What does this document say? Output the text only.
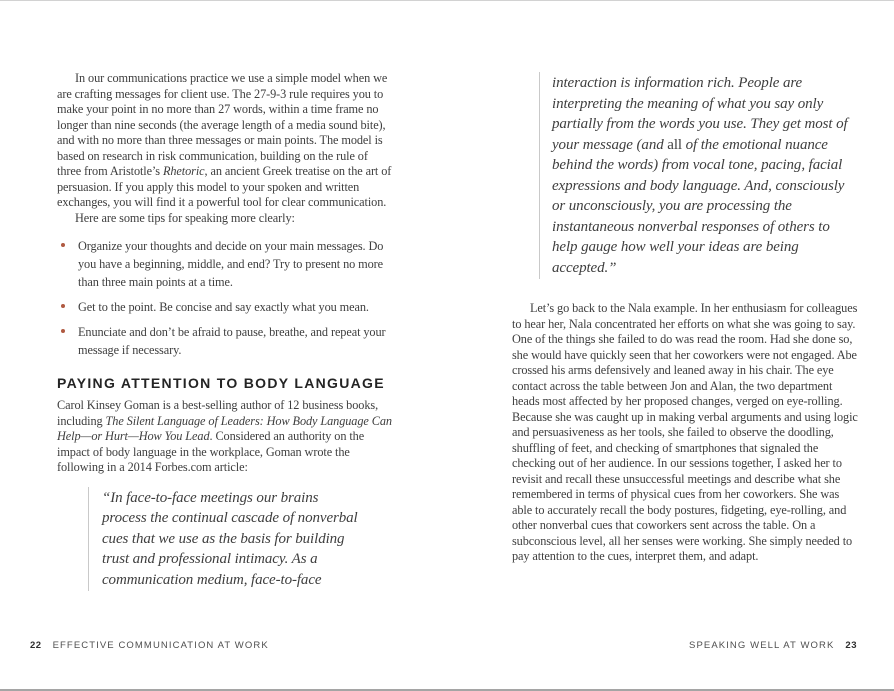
In our communications practice we use a simple model when we are crafting messages for client use. The 27-9-3 rule requires you to make your point in no more than 27 words, within a time frame no longer than nine seconds (the average length of a media sound bite), and with no more than three messages or main points. The model is based on research in risk communication, building on the rule of three from Aristotle’s Rhetoric, an ancient Greek treatise on the art of persuasion. If you apply this model to your spoken and written exchanges, you will find it a powerful tool for clear communication.

Here are some tips for speaking more clearly:

Organize your thoughts and decide on your main messages. Do you have a beginning, middle, and end? Try to present no more than three main points at a time.
Get to the point. Be concise and say exactly what you mean.
Enunciate and don’t be afraid to pause, breathe, and repeat your message if necessary.
PAYING ATTENTION TO BODY LANGUAGE

Carol Kinsey Goman is a best-selling author of 12 business books, including The Silent Language of Leaders: How Body Language Can Help—or Hurt—How You Lead. Considered an authority on the impact of body language in the workplace, Goman wrote the following in a 2014 Forbes.com article:

“In face-to-face meetings our brains process the continual cascade of nonverbal cues that we use as the basis for building trust and professional intimacy. As a communication medium, face-to-face
interaction is information rich. People are interpreting the meaning of what you say only partially from the words you use. They get most of your message (and all of the emotional nuance behind the words) from vocal tone, pacing, facial expressions and body language. And, consciously or unconsciously, you are processing the instantaneous nonverbal responses of others to help gauge how well your ideas are being accepted.”

Let’s go back to the Nala example. In her enthusiasm for colleagues to hear her, Nala concentrated her efforts on what she was going to say. One of the things she failed to do was read the room. Had she done so, she would have quickly seen that her coworkers were not engaged. Abe crossed his arms defensively and leaned away in his chair. The eye contact across the table between Jon and Alan, the two department heads most affected by her proposed changes, verged on eye-rolling. Because she was caught up in making verbal arguments and using logic and persuasiveness as her tools, she failed to observe the doodling, shuffling of feet, and checking of smartphones that signaled the checking out of her audience. In our sessions together, I asked her to revisit and recall these unsuccessful meetings and describe what she remembered in terms of physical cues from her coworkers. She was able to accurately recall the body postures, fidgeting, eye-rolling, and other nonverbal cues that coworkers sent across the table. On a subconscious level, all her senses were working. She simply needed to pay attention to the cues, interpret them, and adapt.

22 EFFECTIVE COMMUNICATION AT WORK	SPEAKING WELL AT WORK 23
